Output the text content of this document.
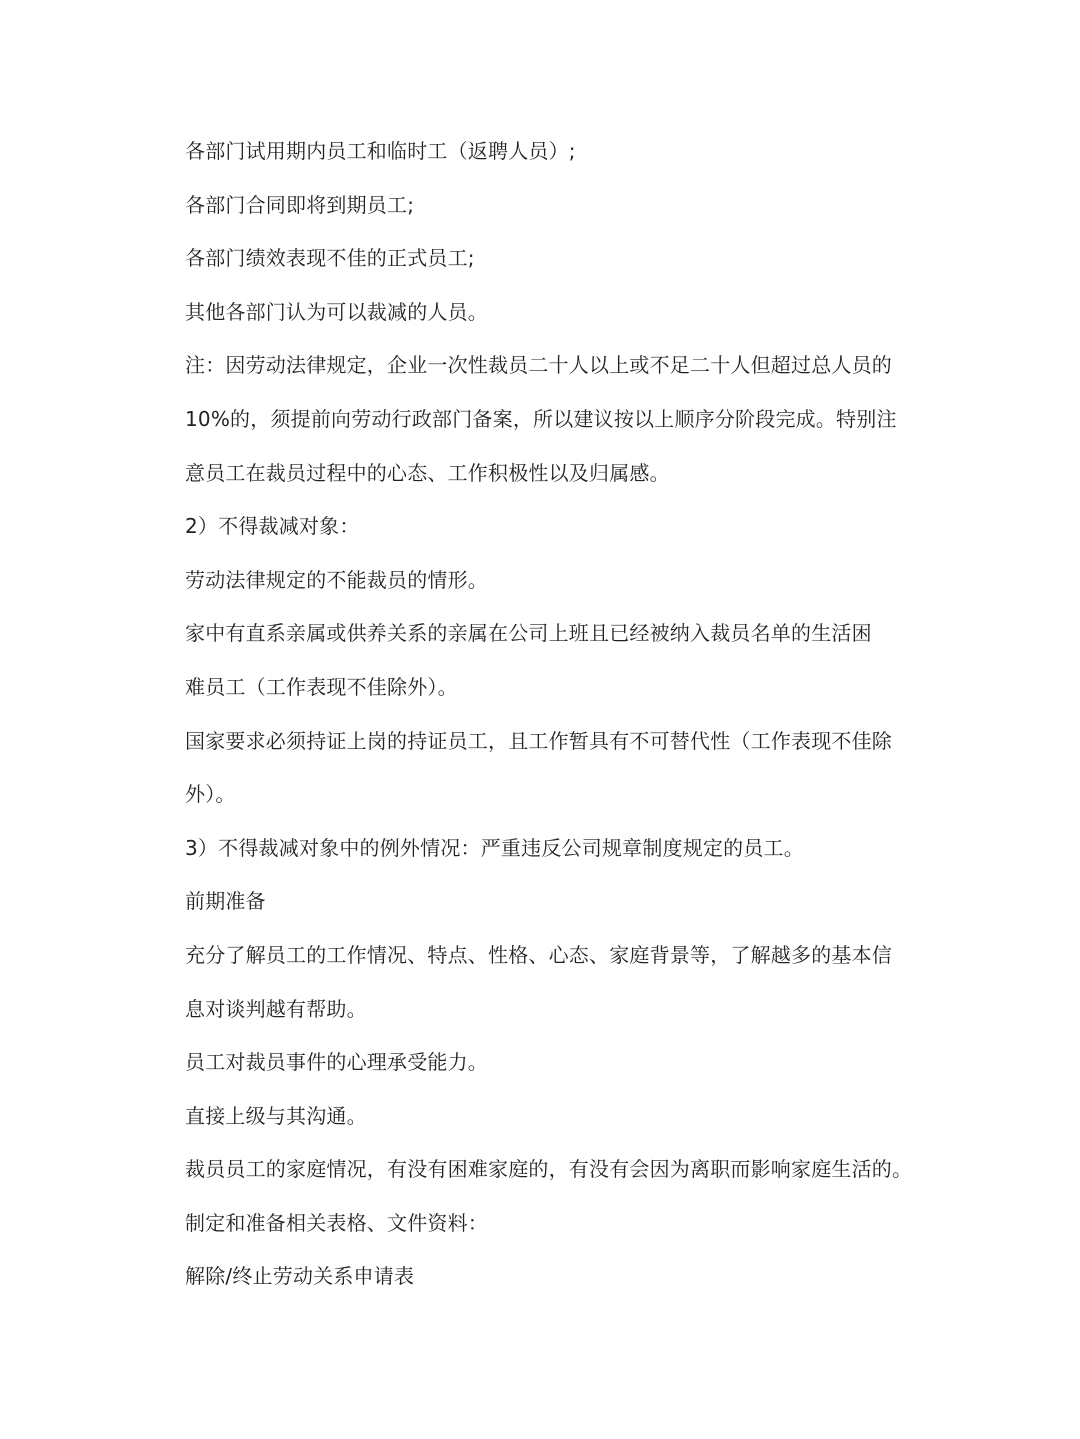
各部门试用期内员工和临时工（返聘人员）;
各部门合同即将到期员工;
各部门绩效表现不佳的正式员工;
其他各部门认为可以裁减的人员。
注：因劳动法律规定，企业一次性裁员二十人以上或不足二十人但超过总人员的
10%的，须提前向劳动行政部门备案，所以建议按以上顺序分阶段完成。特别注
意员工在裁员过程中的心态、工作积极性以及归属感。
2）不得裁减对象：
劳动法律规定的不能裁员的情形。
家中有直系亲属或供养关系的亲属在公司上班且已经被纳入裁员名单的生活困
难员工（工作表现不佳除外）。
国家要求必须持证上岗的持证员工，且工作暂具有不可替代性（工作表现不佳除
外）。
3）不得裁减对象中的例外情况：严重违反公司规章制度规定的员工。
前期准备
充分了解员工的工作情况、特点、性格、心态、家庭背景等，了解越多的基本信
息对谈判越有帮助。
员工对裁员事件的心理承受能力。
直接上级与其沟通。
裁员员工的家庭情况，有没有困难家庭的，有没有会因为离职而影响家庭生活的。
制定和准备相关表格、文件资料：
解除/终止劳动关系申请表
